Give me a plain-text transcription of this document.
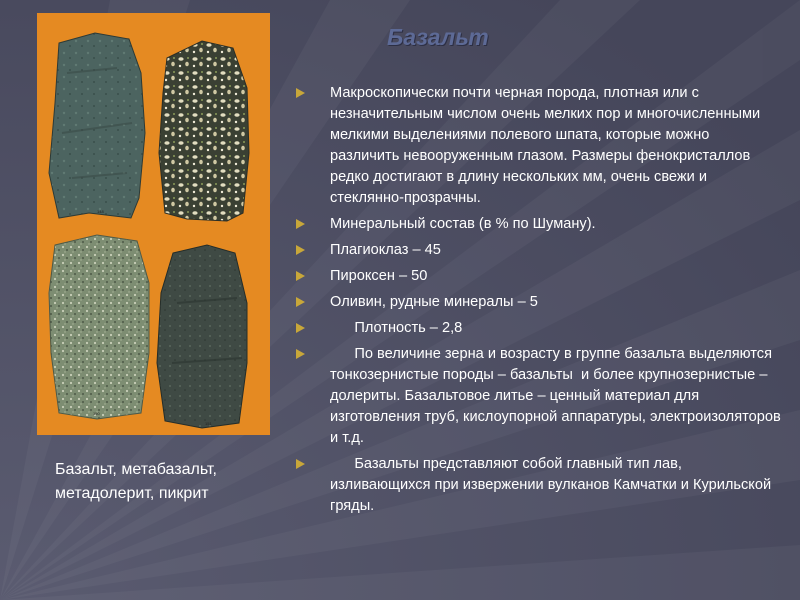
148
149
150
151
Базальт
Макроскопически почти черная порода, плотная или с незначительным числом очень мелких пор и многочисленными мелкими выделениями полевого шпата, которые можно различить невооруженным глазом. Размеры фенокристаллов редко достигают в длину нескольких мм, очень свежи и стеклянно-прозрачны.
Минеральный состав (в % по Шуману).
Плагиоклаз – 45
Пироксен – 50
Оливин, рудные минералы – 5
Плотность – 2,8
По величине зерна и возрасту в группе базальта выделяются тонкозернистые породы – базальты  и более крупнозернистые – долериты. Базальтовое литье – ценный материал для изготовления труб, кислоупорной аппаратуры, электроизоляторов и т.д.
Базальты представляют собой главный тип лав, изливающихся при извержении вулканов Камчатки и Курильской гряды.
Базальт, метабазальт, метадолерит, пикрит
